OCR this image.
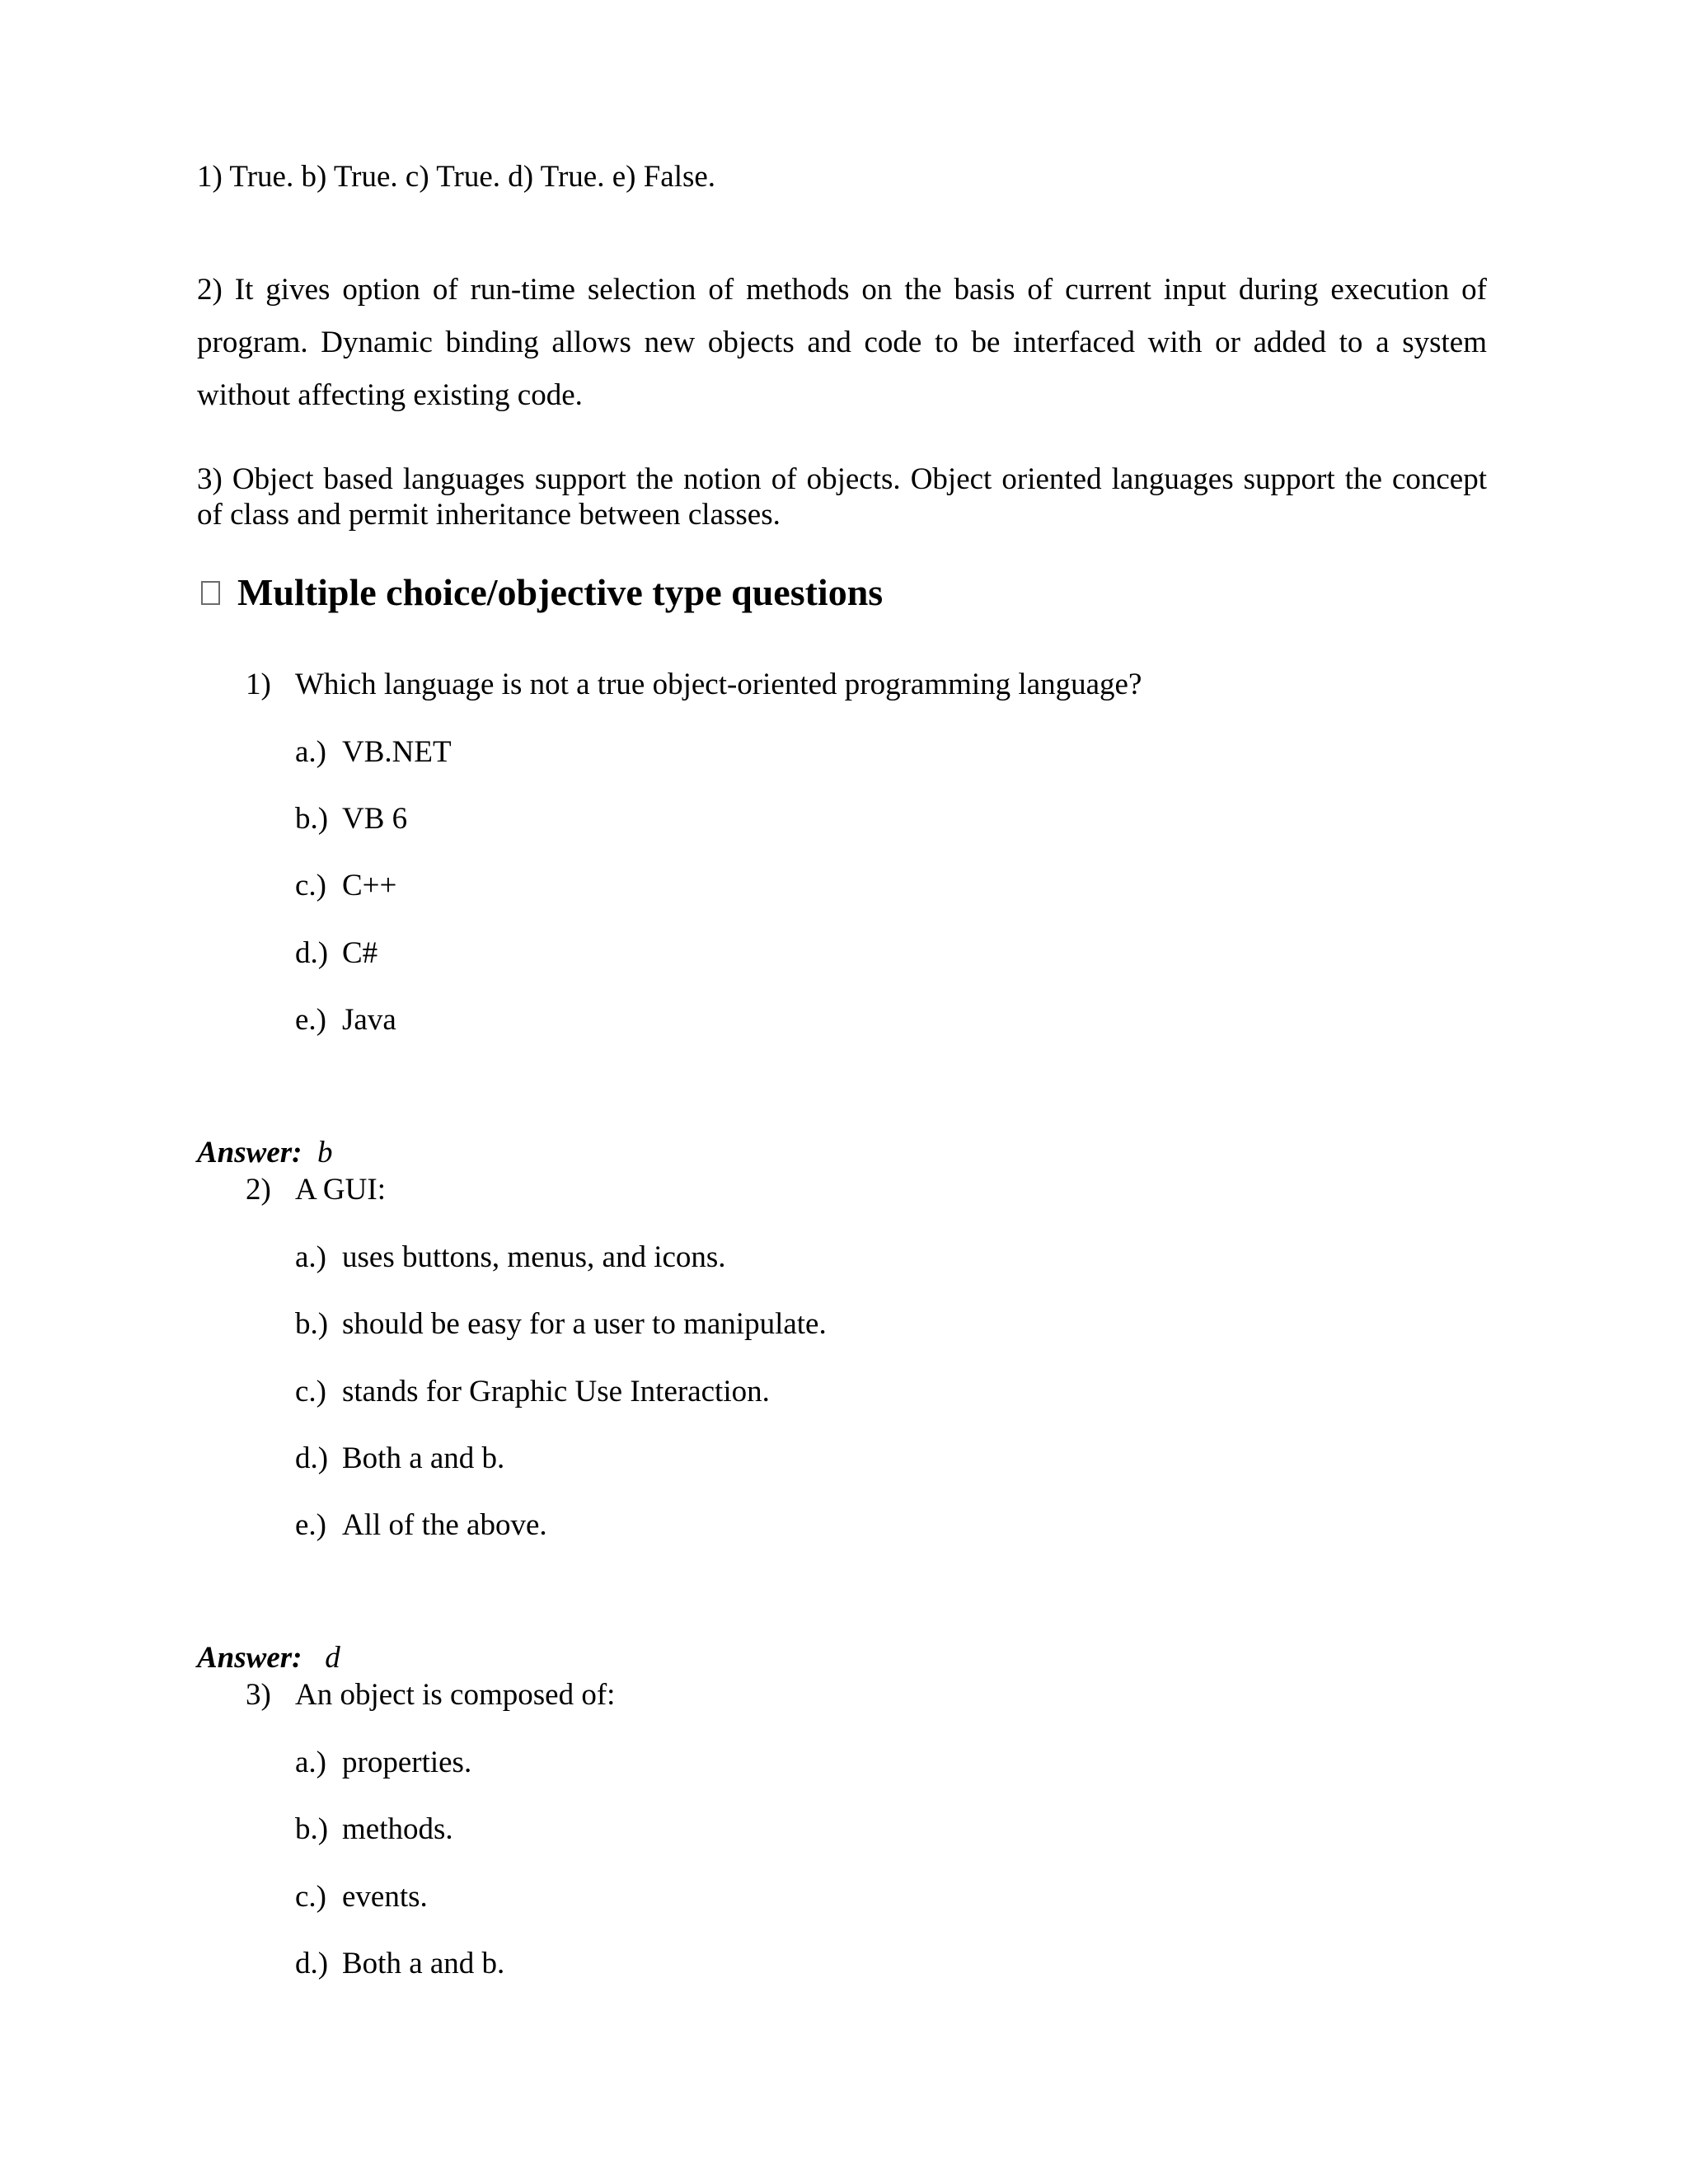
1) True. b) True. c) True. d) True. e) False.
2) It gives option of run-time selection of methods on the basis of current input during execution of program. Dynamic binding allows new objects and code to be interfaced with or added to a system without affecting existing code.
3) Object based languages support the notion of objects. Object oriented languages support the concept of class and permit inheritance between classes.
Multiple choice/objective type questions
1) Which language is not a true object-oriented programming language?
a.) VB.NET
b.) VB 6
c.) C++
d.) C#
e.) Java
Answer: b
2) A GUI:
a.) uses buttons, menus, and icons.
b.) should be easy for a user to manipulate.
c.) stands for Graphic Use Interaction.
d.) Both a and b.
e.) All of the above.
Answer: d
3) An object is composed of:
a.) properties.
b.) methods.
c.) events.
d.) Both a and b.
